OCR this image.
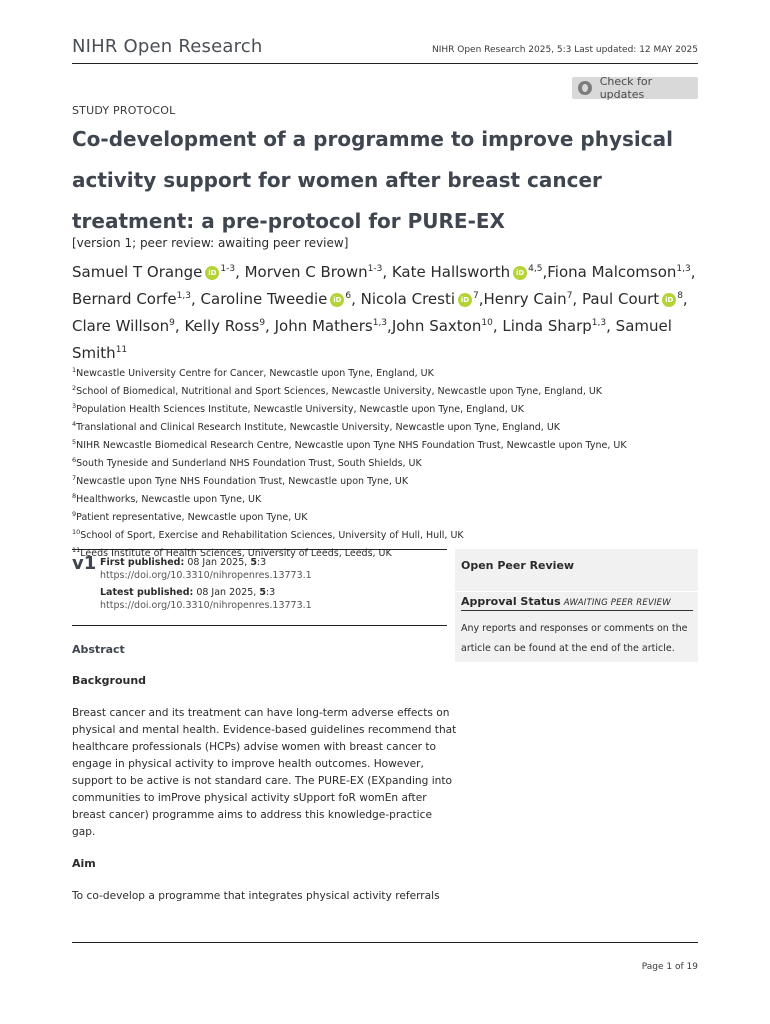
NIHR Open Research	NIHR Open Research 2025, 5:3 Last updated: 12 MAY 2025
Check for updates
STUDY PROTOCOL
Co-development of a programme to improve physical activity support for women after breast cancer treatment: a pre-protocol for PURE-EX
[version 1; peer review: awaiting peer review]
Samuel T Orange iD $^{1-3}$, Morven C Brown$^{1-3}$, Kate Hallsworth iD $^{4,5}$,Fiona Malcomson$^{1,3}$, Bernard Corfe$^{1,3}$, Caroline Tweedie iD $^6$, Nicola Cresti iD $^7$,Henry Cain$^7$, Paul Court iD $^8$, Clare Willson$^9$, Kelly Ross$^9$, John Mathers$^{1,3}$,John Saxton$^{10}$, Linda Sharp$^{1,3}$, Samuel Smith$^{11}$
$^1$Newcastle University Centre for Cancer, Newcastle upon Tyne, England, UK
$^2$School of Biomedical, Nutritional and Sport Sciences, Newcastle University, Newcastle upon Tyne, England, UK
$^3$Population Health Sciences Institute, Newcastle University, Newcastle upon Tyne, England, UK
$^4$Translational and Clinical Research Institute, Newcastle University, Newcastle upon Tyne, England, UK
$^5$NIHR Newcastle Biomedical Research Centre, Newcastle upon Tyne NHS Foundation Trust, Newcastle upon Tyne, UK
$^6$South Tyneside and Sunderland NHS Foundation Trust, South Shields, UK
$^7$Newcastle upon Tyne NHS Foundation Trust, Newcastle upon Tyne, UK
$^8$Healthworks, Newcastle upon Tyne, UK
$^9$Patient representative, Newcastle upon Tyne, UK
$^{10}$School of Sport, Exercise and Rehabilitation Sciences, University of Hull, Hull, UK
$^{11}$Leeds Institute of Health Sciences, University of Leeds, Leeds, UK
v1 First published: 08 Jan 2025, 5:3
https://doi.org/10.3310/nihropenres.13773.1
Latest published: 08 Jan 2025, 5:3
https://doi.org/10.3310/nihropenres.13773.1
Open Peer Review
Approval Status AWAITING PEER REVIEW
Any reports and responses or comments on the article can be found at the end of the article.
Abstract
Background

Breast cancer and its treatment can have long-term adverse effects on physical and mental health. Evidence-based guidelines recommend that healthcare professionals (HCPs) advise women with breast cancer to engage in physical activity to improve health outcomes. However, support to be active is not standard care. The PURE-EX (EXpanding into communities to imProve physical activity sUpport foR womEn after breast cancer) programme aims to address this knowledge-practice gap.

Aim

To co-develop a programme that integrates physical activity referrals

Page 1 of 19
